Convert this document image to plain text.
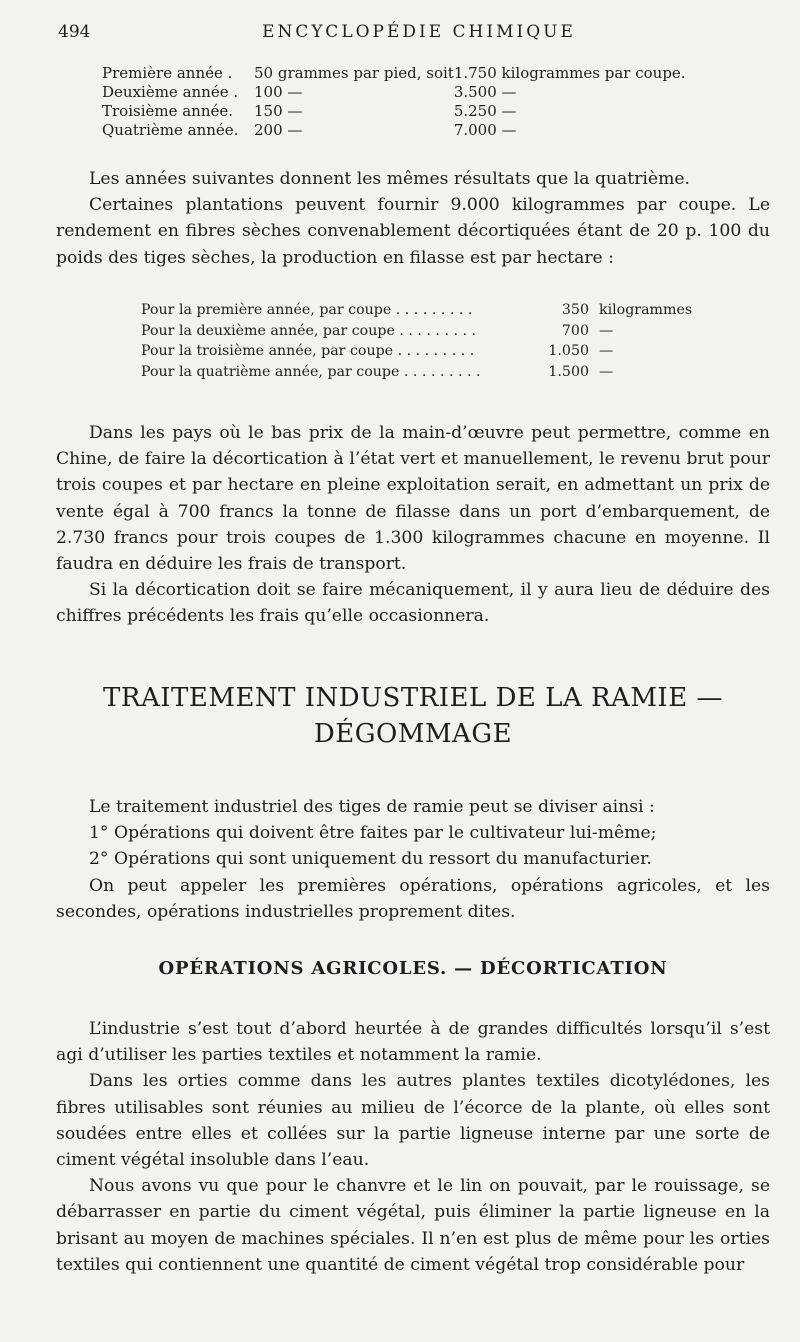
494	ENCYCLOPÉDIE CHIMIQUE
Première année .	50 grammes par pied, soit	1.750 kilogrammes par coupe.
Deuxième année .	100 —	3.500 —
Troisième année.	150 —	5.250 —
Quatrième année.	200 —	7.000 —

Les années suivantes donnent les mêmes résultats que la quatrième.

Certaines plantations peuvent fournir 9.000 kilogrammes par coupe. Le rendement en fibres sèches convenablement décortiquées étant de 20 p. 100 du poids des tiges sèches, la production en filasse est par hectare :

Pour la première année, par coupe . . . . . . . . .	350	kilogrammes
Pour la deuxième année, par coupe . . . . . . . . .	700	—
Pour la troisième année, par coupe . . . . . . . . .	1.050	—
Pour la quatrième année, par coupe . . . . . . . . .	1.500	—

Dans les pays où le bas prix de la main-d’œuvre peut permettre, comme en Chine, de faire la décortication à l’état vert et manuellement, le revenu brut pour trois coupes et par hectare en pleine exploitation serait, en admettant un prix de vente égal à 700 francs la tonne de filasse dans un port d’embarquement, de 2.730 francs pour trois coupes de 1.300 kilogrammes chacune en moyenne. Il faudra en déduire les frais de transport.

Si la décortication doit se faire mécaniquement, il y aura lieu de déduire des chiffres précédents les frais qu’elle occasionnera.

TRAITEMENT INDUSTRIEL DE LA RAMIE —
DÉGOMMAGE

Le traitement industriel des tiges de ramie peut se diviser ainsi :

1° Opérations qui doivent être faites par le cultivateur lui-même;

2° Opérations qui sont uniquement du ressort du manufacturier.

On peut appeler les premières opérations, opérations agricoles, et les secondes, opérations industrielles proprement dites.

OPÉRATIONS AGRICOLES. — DÉCORTICATION

L’industrie s’est tout d’abord heurtée à de grandes difficultés lorsqu’il s’est agi d’utiliser les parties textiles et notamment la ramie.

Dans les orties comme dans les autres plantes textiles dicotylédones, les fibres utilisables sont réunies au milieu de l’écorce de la plante, où elles sont soudées entre elles et collées sur la partie ligneuse interne par une sorte de ciment végétal insoluble dans l’eau.

Nous avons vu que pour le chanvre et le lin on pouvait, par le rouissage, se débarrasser en partie du ciment végétal, puis éliminer la partie ligneuse en la brisant au moyen de machines spéciales. Il n’en est plus de même pour les orties textiles qui contiennent une quantité de ciment végétal trop considérable pour
